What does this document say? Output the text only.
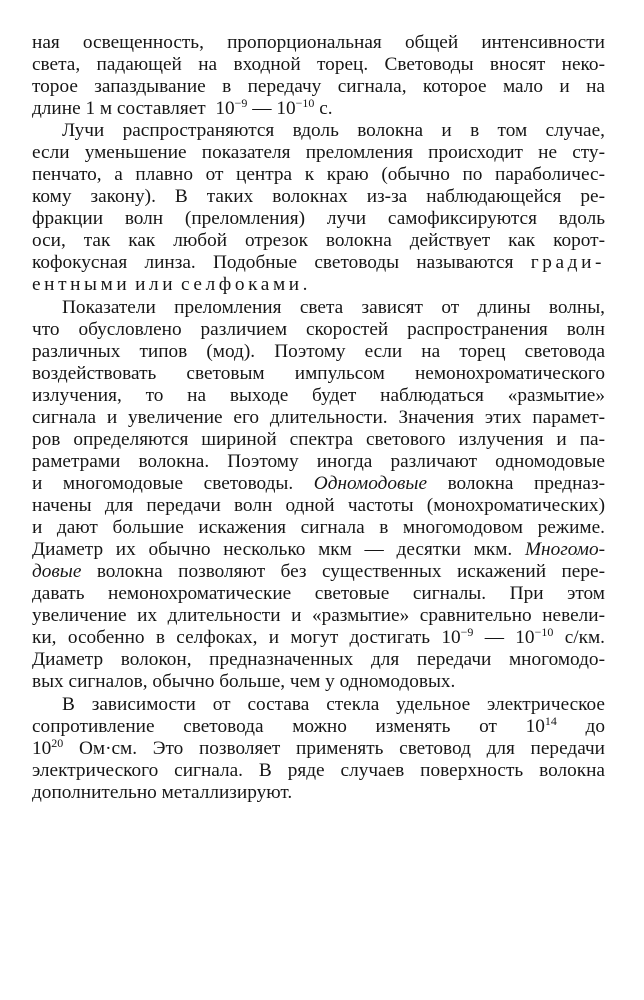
ная освещенность, пропорциональная общей интенсивности
света, падающей на входной торец. Световоды вносят неко-
торое запаздывание в передачу сигнала, которое мало и на
длине 1 м составляет  $10^{-9}$ — $10^{-10}$ с.
Лучи распространяются вдоль волокна и в том случае,
если уменьшение показателя преломления происходит не сту-
пенчато, а плавно от центра к краю (обычно по параболичес-
кому закону). В таких волокнах из-за наблюдающейся ре-
фракции волн (преломления) лучи самофиксируются вдоль
оси, так как любой отрезок волокна действует как корот-
кофокусная линза. Подобные световоды называются гради-
ентными или селфоками.
Показатели преломления света зависят от длины волны,
что обусловлено различием скоростей распространения волн
различных типов (мод). Поэтому если на торец световода
воздействовать световым импульсом немонохроматического
излучения, то на выходе будет наблюдаться «размытие»
сигнала и увеличение его длительности. Значения этих парамет-
ров определяются шириной спектра светового излучения и па-
раметрами волокна. Поэтому иногда различают одномодовые
и многомодовые световоды. Одномодовые волокна предназ-
начены для передачи волн одной частоты (монохроматических)
и дают большие искажения сигнала в многомодовом режиме.
Диаметр их обычно несколько мкм — десятки мкм. Многомо-
довые волокна позволяют без существенных искажений пере-
давать немонохроматические световые сигналы. При этом
увеличение их длительности и «размытие» сравнительно невели-
ки, особенно в селфоках, и могут достигать $10^{-9}$ — $10^{-10}$ с/км.
Диаметр волокон, предназначенных для передачи многомодо-
вых сигналов, обычно больше, чем у одномодовых.
В зависимости от состава стекла удельное электрическое
сопротивление световода можно изменять от $10^{14}$ до
$10^{20}$ Ом·см. Это позволяет применять световод для передачи
электрического сигнала. В ряде случаев поверхность волокна
дополнительно металлизируют.
